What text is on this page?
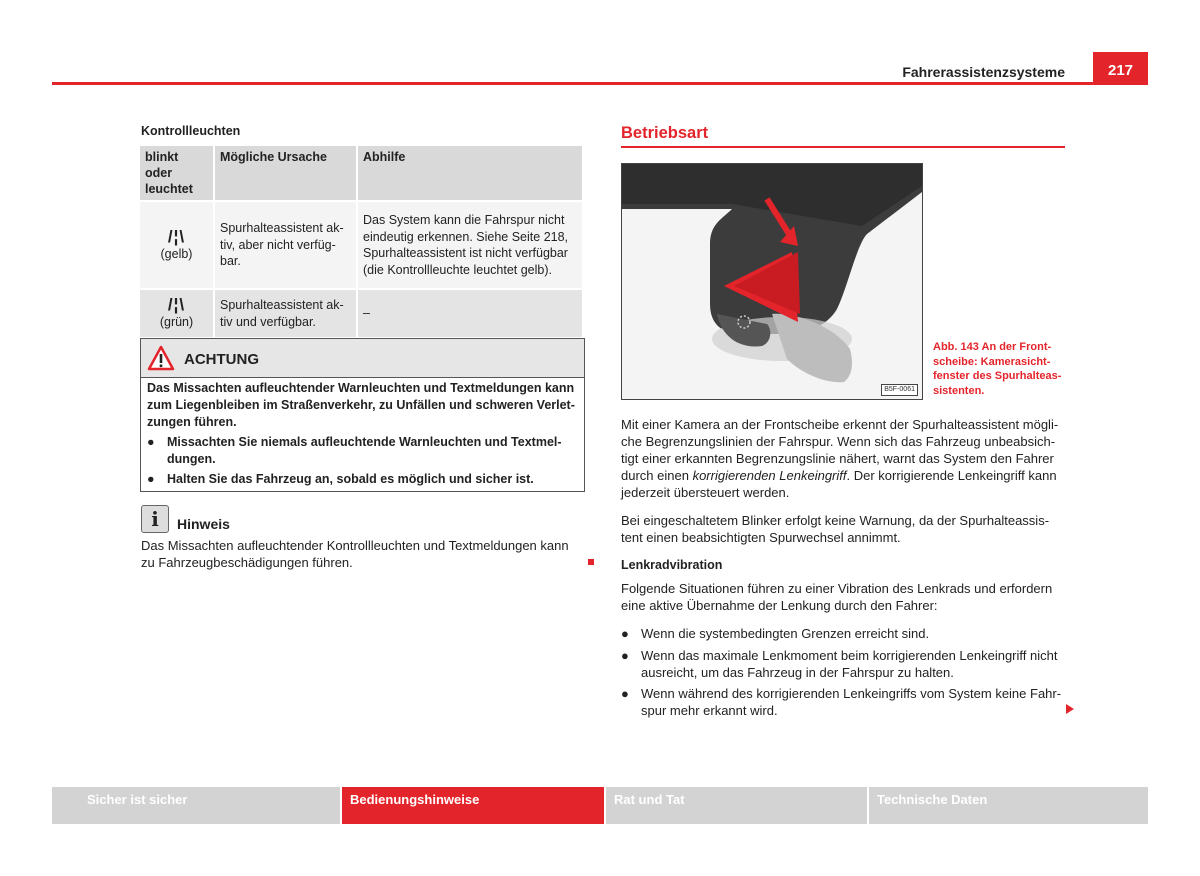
Fahrerassistenzsysteme	217
Kontrollleuchten
blinkt oder leuchtet	Mögliche Ursache	Abhilfe

/¦\
(gelb)	Spurhalteassistent ak-tiv, aber nicht verfüg-bar.	Das System kann die Fahrspur nicht eindeutig erkennen. Siehe Seite 218, Spurhalteassistent ist nicht verfügbar (die Kontrollleuchte leuchtet gelb).

/¦\
(grün)	Spurhalteassistent ak-tiv und verfügbar.	–
ACHTUNG

Das Missachten aufleuchtender Warnleuchten und Textmeldungen kann zum Liegenbleiben im Straßenverkehr, zu Unfällen und schweren Verlet-zungen führen.

● Missachten Sie niemals aufleuchtende Warnleuchten und Textmel-dungen.
● Halten Sie das Fahrzeug an, sobald es möglich und sicher ist.
i	Hinweis
Das Missachten aufleuchtender Kontrollleuchten und Textmeldungen kann zu Fahrzeugbeschädigungen führen.
Betriebsart
B5F-0061
Abb. 143 An der Front-scheibe: Kamerasicht-fenster des Spurhalteas-sistenten.
Mit einer Kamera an der Frontscheibe erkennt der Spurhalteassistent mögli-che Begrenzungslinien der Fahrspur. Wenn sich das Fahrzeug unbeabsich-tigt einer erkannten Begrenzungslinie nähert, warnt das System den Fahrer durch einen korrigierenden Lenkeingriff. Der korrigierende Lenkeingriff kann jederzeit übersteuert werden.
Bei eingeschaltetem Blinker erfolgt keine Warnung, da der Spurhalteassis-tent einen beabsichtigten Spurwechsel annimmt.
Lenkradvibration
Folgende Situationen führen zu einer Vibration des Lenkrads und erfordern eine aktive Übernahme der Lenkung durch den Fahrer:
● Wenn die systembedingten Grenzen erreicht sind.
● Wenn das maximale Lenkmoment beim korrigierenden Lenkeingriff nicht ausreicht, um das Fahrzeug in der Fahrspur zu halten.
● Wenn während des korrigierenden Lenkeingriffs vom System keine Fahr-spur mehr erkannt wird.
Sicher ist sicher	Bedienungshinweise	Rat und Tat	Technische Daten
